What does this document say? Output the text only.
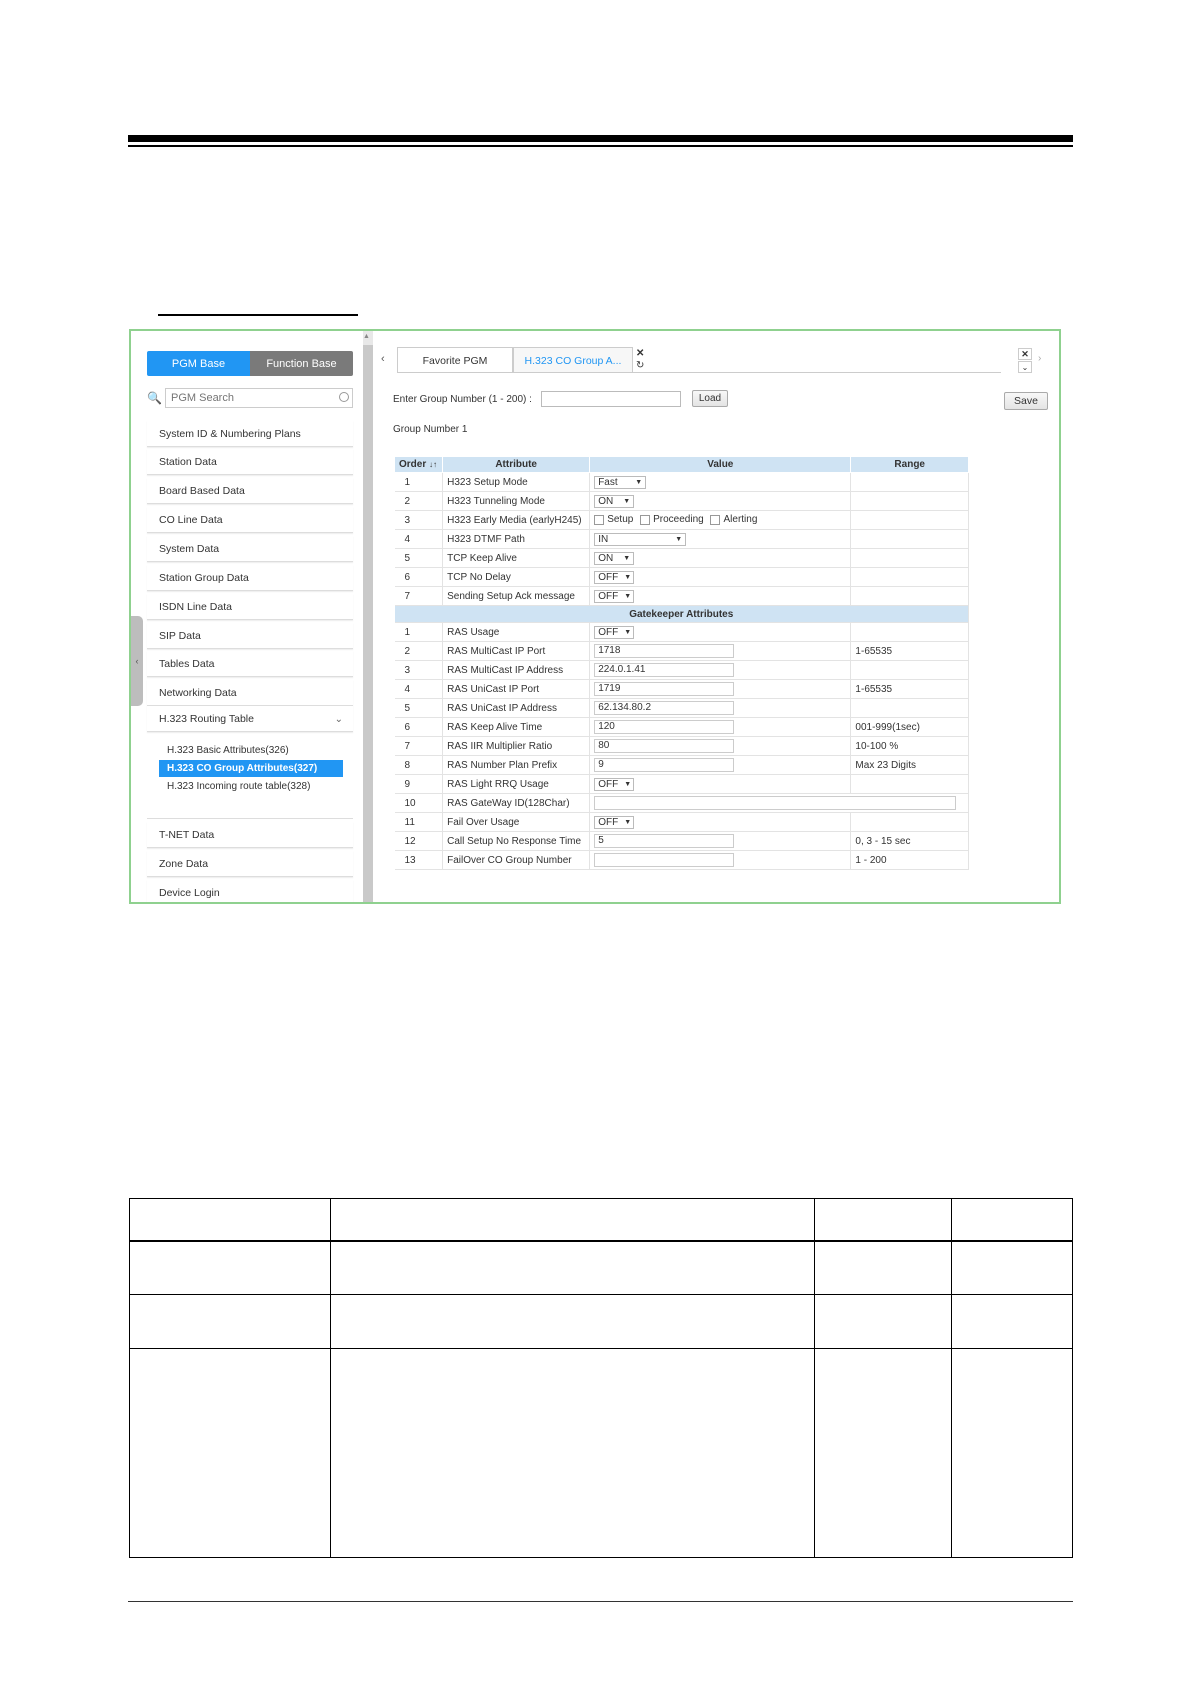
PGM Base	Function Base
🔍
PGM Search
System ID & Numbering Plans
Station Data
Board Based Data
CO Line Data
System Data
Station Group Data
ISDN Line Data
SIP Data
Tables Data
Networking Data
H.323 Routing Table	⌄
H.323 Basic Attributes(326)
H.323 CO Group Attributes(327)
H.323 Incoming route table(328)
T-NET Data
Zone Data
Device Login
▲
‹
‹	Favorite PGM	H.323 CO Group A...
✕
↻
✕
⌄
›
Enter Group Number (1 - 200) :	Load	Save
Group Number 1
Order ↓↑	Attribute	Value	Range
1	H323 Setup Mode	Fast ▼	

2	H323 Tunneling Mode	ON ▼	

3	H323 Early Media (earlyH245)	Setup Proceeding Alerting	
4	H323 DTMF Path	IN ▼	

5	TCP Keep Alive	ON ▼	

6	TCP No Delay	OFF ▼	

7	Sending Setup Ack message	OFF ▼	

Gatekeeper Attributes			
1	RAS Usage	OFF ▼	

2	RAS MultiCast IP Port	1718	1-65535
3	RAS MultiCast IP Address	224.0.1.41	
4	RAS UniCast IP Port	1719	1-65535
5	RAS UniCast IP Address	62.134.80.2	
6	RAS Keep Alive Time	120	001-999(1sec)
7	RAS IIR Multiplier Ratio	80	10-100 %
8	RAS Number Plan Prefix	9	Max 23 Digits
9	RAS Light RRQ Usage	OFF ▼	

10	RAS GateWay ID(128Char)		
11	Fail Over Usage	OFF ▼	

12	Call Setup No Response Time	5	0, 3 - 15 sec
13	FailOver CO Group Number		1 - 200
